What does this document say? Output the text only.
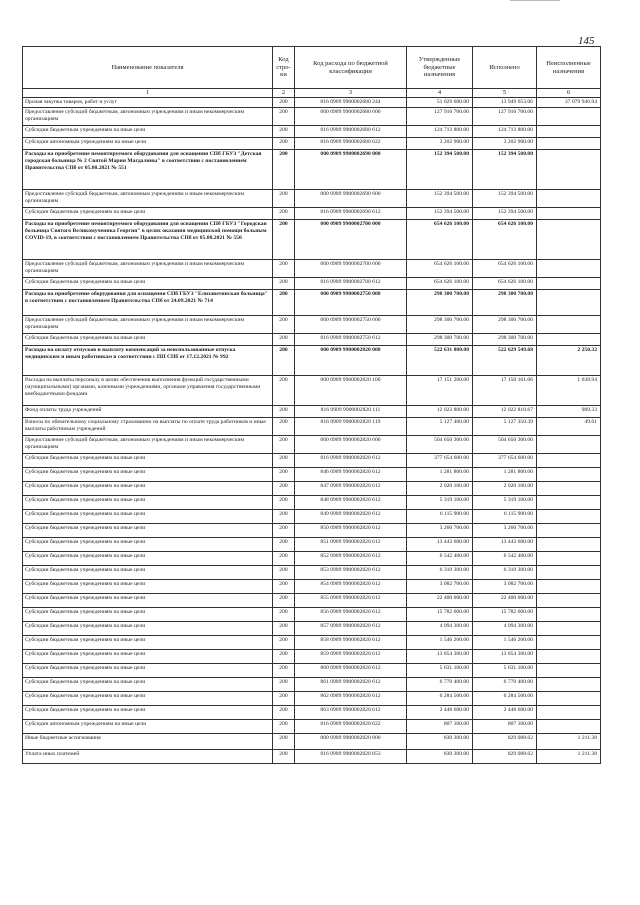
145
Наименование показателя	Код стро-ки	Код расхода по бюджетной классификации	Утвержденные бюджетные назначения	Исполнено	Неисполненные назначения
1	2	3	4	5	6
Прочая закупка товаров, работ и услуг	200	816 0909 9900002680 244	51 029 600.00	13 949 653.06	37 079 946.94
Предоставление субсидий бюджетным, автономным учреждениям и иным некоммерческим организациям	200	000 0909 9900002680 600	127 916 700.00	127 916 700.00	
Субсидии бюджетным учреждениям на иные цели	200	816 0909 9900002680 612	124 713 800.00	124 713 800.00	
Субсидии автономным учреждениям на иные цели	200	816 0909 9900002680 622	3 202 900.00	3 202 900.00	
Расходы на приобретение немонтируемого оборудования для оснащения СПб ГБУЗ "Детская городская больница № 2 Святой Марии Магдалины" в соответствии с постановлением Правительства СПб от 05.08.2021 № 551	200	000 0909 9900002690 000	152 394 500.00	152 394 500.00	
Предоставление субсидий бюджетным, автономным учреждениям и иным некоммерческим организациям	200	000 0909 9900002690 600	152 394 500.00	152 394 500.00	
Субсидии бюджетным учреждениям на иные цели	200	816 0909 9900002690 612	152 394 500.00	152 394 500.00	
Расходы на приобретение немонтируемого оборудования для оснащения СПб ГБУЗ "Городская больница Святого Великомученика Георгия" в целях оказания медицинской помощи больным COVID-19, в соответствии с постановлением Правительства СПб от 05.08.2021 № 550	200	000 0909 9900002700 000	654 626 100.00	654 626 100.00	
Предоставление субсидий бюджетным, автономным учреждениям и иным некоммерческим организациям	200	000 0909 9900002700 600	654 626 100.00	654 626 100.00	
Субсидии бюджетным учреждениям на иные цели	200	816 0909 9900002700 612	654 626 100.00	654 626 100.00	
Расходы на приобретение оборудования для оснащения СПб ГБУЗ "Елизаветинская больница" в соответствии с постановлением Правительства СПб от 24.09.2021 № 714	200	000 0909 9900002750 000	298 300 700.00	298 300 700.00	
Предоставление субсидий бюджетным, автономным учреждениям и иным некоммерческим организациям	200	000 0909 9900002750 600	298 300 700.00	298 300 700.00	
Субсидии бюджетным учреждениям на иные цели	200	816 0909 9900002750 612	298 300 700.00	298 300 700.00	
Расходы на оплату отпусков и выплату компенсаций за неиспользованные отпуска медицинским и иным работникам в соответствии с ПП СПб от 17.12.2021 № 992	200	000 0909 9900002820 000	522 631 800.00	522 629 549.68	2 250.32
Расходы на выплаты персоналу в целях обеспечения выполнения функций государственными (муниципальными) органами, казенными учреждениями, органами управления государственными внебюджетными фондами	200	000 0909 9900002820 100	17 151 200.00	17 150 161.06	1 038.94
Фонд оплаты труда учреждений	200	816 0909 9900002820 111	12 023 800.00	12 022 810.67	989.33
Взносы по обязательному социальному страхованию на выплаты по оплате труда работников и иные выплаты работникам учреждений	200	816 0909 9900002820 119	5 127 400.00	5 127 350.39	49.61
Предоставление субсидий бюджетным, автономным учреждениям и иным некоммерческим организациям	200	000 0909 9900002820 600	504 650 300.00	504 650 300.00	
Субсидии бюджетным учреждениям на иные цели	200	816 0909 9900002820 612	377 654 600.00	377 654 600.00	
Субсидии бюджетным учреждениям на иные цели	200	846 0909 9900002820 612	1 281 800.00	1 281 800.00	
Субсидии бюджетным учреждениям на иные цели	200	847 0909 9900002820 612	2 020 100.00	2 020 100.00	
Субсидии бюджетным учреждениям на иные цели	200	848 0909 9900002820 612	5 319 100.00	5 319 100.00	
Субсидии бюджетным учреждениям на иные цели	200	849 0909 9900002820 612	6 115 900.00	6 115 900.00	
Субсидии бюджетным учреждениям на иные цели	200	850 0909 9900002820 612	3 260 700.00	3 260 700.00	
Субсидии бюджетным учреждениям на иные цели	200	851 0909 9900002820 612	13 443 600.00	13 443 600.00	
Субсидии бюджетным учреждениям на иные цели	200	852 0909 9900002820 612	6 542 400.00	6 542 400.00	
Субсидии бюджетным учреждениям на иные цели	200	853 0909 9900002820 612	6 310 300.00	6 310 300.00	
Субсидии бюджетным учреждениям на иные цели	200	854 0909 9900002820 612	3 082 700.00	3 082 700.00	
Субсидии бюджетным учреждениям на иные цели	200	855 0909 9900002820 612	22 400 000.00	22 400 000.00	
Субсидии бюджетным учреждениям на иные цели	200	856 0909 9900002820 612	15 782 600.00	15 782 600.00	
Субсидии бюджетным учреждениям на иные цели	200	857 0909 9900002820 612	4 094 300.00	4 094 300.00	
Субсидии бюджетным учреждениям на иные цели	200	858 0909 9900002820 612	1 546 200.00	1 546 200.00	
Субсидии бюджетным учреждениям на иные цели	200	859 0909 9900002820 612	13 854 300.00	13 854 300.00	
Субсидии бюджетным учреждениям на иные цели	200	860 0909 9900002820 612	5 631 100.00	5 631 100.00	
Субсидии бюджетным учреждениям на иные цели	200	861 0909 9900002820 612	6 770 400.00	6 770 400.00	
Субсидии бюджетным учреждениям на иные цели	200	862 0909 9900002820 612	6 284 500.00	6 284 500.00	
Субсидии бюджетным учреждениям на иные цели	200	863 0909 9900002820 612	2 448 600.00	2 448 600.00	
Субсидии автономным учреждениям на иные цели	200	816 0909 9900002820 622	807 100.00	807 100.00	
Иные бюджетные ассигнования	200	000 0909 9900002820 800	830 300.00	829 088.62	1 211.38
Уплата иных платежей	200	816 0909 9900002820 853	830 300.00	829 088.62	1 211.38
